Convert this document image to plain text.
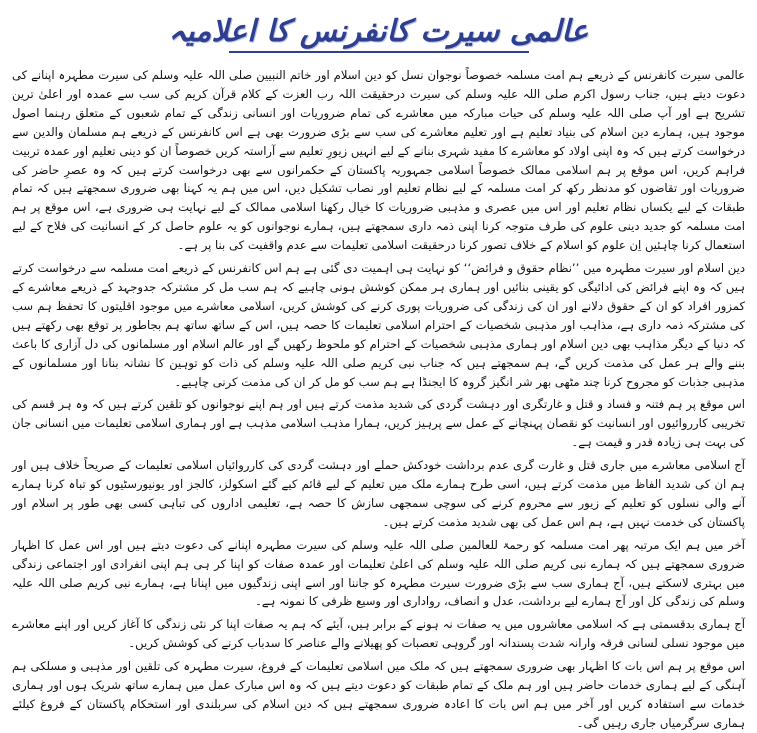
عالمی سیرت کانفرنس کا اعلامیہ

عالمی سیرت کانفرنس کے ذریعے ہم امت مسلمہ خصوصاً نوجوان نسل کو دین اسلام اور خاتم النبیین صلی اللہ علیہ وسلم کی سیرت مطہرہ اپنانے کی دعوت دیتے ہیں، جناب رسول اکرم صلی اللہ علیہ وسلم کی سیرت درحقیقت اللہ رب العزت کے کلام قرآن کریم کی سب سے عمدہ اور اعلیٰ ترین تشریح ہے اور آپ صلی اللہ علیہ وسلم کی حیات مبارکہ میں معاشرے کی تمام ضروریات اور انسانی زندگی کے تمام شعبوں کے متعلق رہنما اصول موجود ہیں، ہمارے دین اسلام کی بنیاد تعلیم ہے اور تعلیم معاشرے کی سب سے بڑی ضرورت بھی ہے اس کانفرنس کے ذریعے ہم مسلمان والدین سے درخواست کرتے ہیں کہ وہ اپنی اولاد کو معاشرے کا مفید شہری بنانے کے لیے انہیں زیورِ تعلیم سے آراستہ کریں خصوصاً ان کو دینی تعلیم اور عمدہ تربیت فراہم کریں، اس موقع پر ہم اسلامی ممالک خصوصاً اسلامی جمہوریہ پاکستان کے حکمرانوں سے بھی درخواست کرتے ہیں کہ وہ عصرِ حاضر کی ضروریات اور تقاضوں کو مدنظر رکھ کر امت مسلمہ کے لیے نظام تعلیم اور نصاب تشکیل دیں، اس میں ہم یہ کہنا بھی ضروری سمجھتے ہیں کہ تمام طبقات کے لیے یکساں نظام تعلیم اور اس میں عصری و مذہبی ضروریات کا خیال رکھنا اسلامی ممالک کے لیے نہایت ہی ضروری ہے، اس موقع پر ہم امت مسلمہ کو جدید دینی علوم کی طرف متوجہ کرنا اپنی ذمہ داری سمجھتے ہیں، ہمارے نوجوانوں کو یہ علوم حاصل کر کے انسانیت کی فلاح کے لیے استعمال کرنا چاہئیں اِن علوم کو اسلام کے خلاف تصور کرنا درحقیقت اسلامی تعلیمات سے عدم واقفیت کی بنا پر ہے۔

دین اسلام اور سیرت مطہرہ میں ’’نظام حقوق و فرائض‘‘ کو نہایت ہی اہمیت دی گئی ہے ہم اس کانفرنس کے ذریعے امت مسلمہ سے درخواست کرتے ہیں کہ وہ اپنے فرائض کی ادائیگی کو یقینی بنائیں اور ہماری ہر ممکن کوشش ہونی چاہیے کہ ہم سب مل کر مشترکہ جدوجہد کے ذریعے معاشرے کے کمزور افراد کو ان کے حقوق دلانے اور ان کی زندگی کی ضروریات پوری کرنے کی کوشش کریں، اسلامی معاشرے میں موجود اقلیتوں کا تحفظ ہم سب کی مشترکہ ذمہ داری ہے، مذاہب اور مذہبی شخصیات کے احترام اسلامی تعلیمات کا حصہ ہیں، اس کے ساتھ ساتھ ہم بجاطور پر توقع بھی رکھتے ہیں کہ دنیا کے دیگر مذاہب بھی دین اسلام اور ہماری مذہبی شخصیات کے احترام کو ملحوظ رکھیں گے اور عالم اسلام اور مسلمانوں کی دل آزاری کا باعث بننے والے ہر عمل کی مذمت کریں گے، ہم سمجھتے ہیں کہ جناب نبی کریم صلی اللہ علیہ وسلم کی ذات کو توہین کا نشانہ بنانا اور مسلمانوں کے مذہبی جذبات کو مجروح کرنا چند مٹھی بھر شر انگیز گروہ کا ایجنڈا ہے ہم سب کو مل کر ان کی مذمت کرنی چاہیے۔

اس موقع پر ہم فتنہ و فساد و قتل و غارتگری اور دہشت گردی کی شدید مذمت کرتے ہیں اور ہم اپنے نوجوانوں کو تلقین کرتے ہیں کہ وہ ہر قسم کی تخریبی کارروائیوں اور انسانیت کو نقصان پہنچانے کے عمل سے پرہیز کریں، ہمارا مذہب اسلامی مذہب ہے اور ہماری اسلامی تعلیمات میں انسانی جان کی بہت ہی زیادہ قدر و قیمت ہے۔

آج اسلامی معاشرے میں جاری قتل و غارت گری عدم برداشت خودکش حملے اور دہشت گردی کی کارروائیاں اسلامی تعلیمات کے صریحاً خلاف ہیں اور ہم ان کی شدید الفاظ میں مذمت کرتے ہیں، اسی طرح ہمارے ملک میں تعلیم کے لیے قائم کیے گئے اسکولز، کالجز اور یونیورسٹیوں کو تباہ کرنا ہمارے آنے والی نسلوں کو تعلیم کے زیور سے محروم کرنے کی سوچی سمجھی سازش کا حصہ ہے، تعلیمی اداروں کی تباہی کسی بھی طور پر اسلام اور پاکستان کی خدمت نہیں ہے، ہم اس عمل کی بھی شدید مذمت کرتے ہیں۔

آخر میں ہم ایک مرتبہ پھر امت مسلمہ کو رحمۃ للعالمین صلی اللہ علیہ وسلم کی سیرت مطہرہ اپنانے کی دعوت دیتے ہیں اور اس عمل کا اظہار ضروری سمجھتے ہیں کہ ہمارے نبی کریم صلی اللہ علیہ وسلم کی اعلیٰ تعلیمات اور عمدہ صفات کو اپنا کر ہی ہم اپنی انفرادی اور اجتماعی زندگی میں بہتری لاسکتے ہیں، آج ہماری سب سے بڑی ضرورت سیرت مطہرہ کو جاننا اور اسے اپنی زندگیوں میں اپنانا ہے، ہمارے نبی کریم صلی اللہ علیہ وسلم کی زندگی کل اور آج ہمارے لیے برداشت، عدل و انصاف، رواداری اور وسیع ظرفی کا نمونہ ہے۔

آج ہماری بدقسمتی ہے کہ اسلامی معاشروں میں یہ صفات نہ ہونے کے برابر ہیں، آیئے کہ ہم یہ صفات اپنا کر نئی زندگی کا آغاز کریں اور اپنے معاشرے میں موجود نسلی لسانی فرقہ وارانہ شدت پسندانہ اور گروہی تعصبات کو پھیلانے والے عناصر کا سدباب کرنے کی کوشش کریں۔

اس موقع پر ہم اس بات کا اظہار بھی ضروری سمجھتے ہیں کہ ملک میں اسلامی تعلیمات کے فروغ، سیرت مطہرہ کی تلقین اور مذہبی و مسلکی ہم آہنگی کے لیے ہماری خدمات حاضر ہیں اور ہم ملک کے تمام طبقات کو دعوت دیتے ہیں کہ وہ اس مبارک عمل میں ہمارے ساتھ شریک ہوں اور ہماری خدمات سے استفادہ کریں اور آخر میں ہم اس بات کا اعادہ ضروری سمجھتے ہیں کہ دین اسلام کی سربلندی اور استحکام پاکستان کے فروغ کیلئے ہماری سرگرمیاں جاری رہیں گی۔
